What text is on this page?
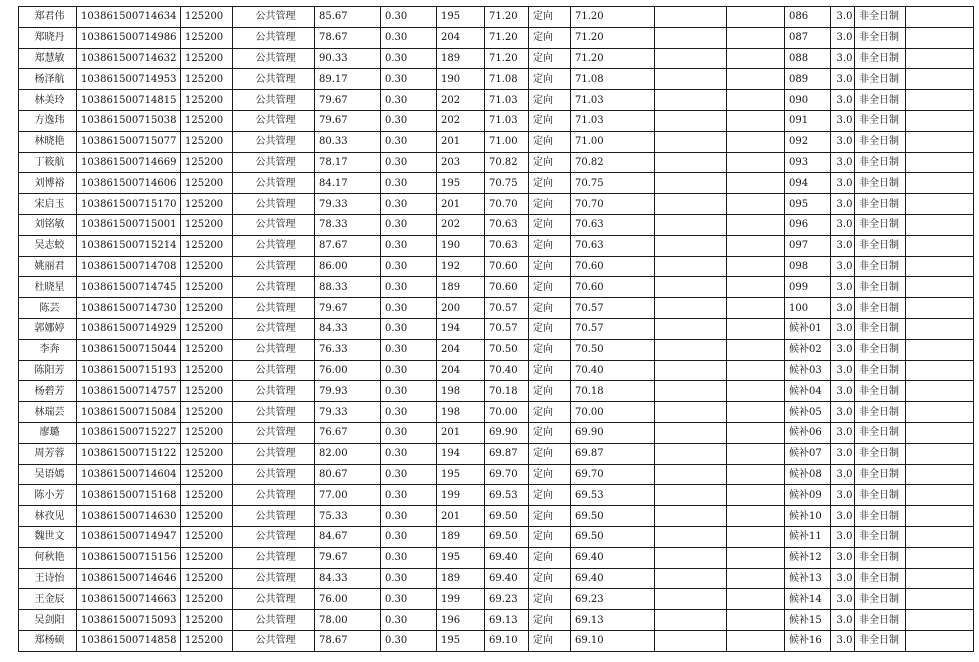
郑君伟	103861500714634	125200	公共管理	85.67	0.30	195	71.20	定向	71.20			086	3.0	非全日制	
郑晓丹	103861500714986	125200	公共管理	78.67	0.30	204	71.20	定向	71.20			087	3.0	非全日制	
郑慧敏	103861500714632	125200	公共管理	90.33	0.30	189	71.20	定向	71.20			088	3.0	非全日制	
杨泽航	103861500714953	125200	公共管理	89.17	0.30	190	71.08	定向	71.08			089	3.0	非全日制	
林美玲	103861500714815	125200	公共管理	79.67	0.30	202	71.03	定向	71.03			090	3.0	非全日制	
方逸玮	103861500715038	125200	公共管理	79.67	0.30	202	71.03	定向	71.03			091	3.0	非全日制	
林晓艳	103861500715077	125200	公共管理	80.33	0.30	201	71.00	定向	71.00			092	3.0	非全日制	
丁筱航	103861500714669	125200	公共管理	78.17	0.30	203	70.82	定向	70.82			093	3.0	非全日制	
刘博裕	103861500714606	125200	公共管理	84.17	0.30	195	70.75	定向	70.75			094	3.0	非全日制	
宋启玉	103861500715170	125200	公共管理	79.33	0.30	201	70.70	定向	70.70			095	3.0	非全日制	
刘铭敏	103861500715001	125200	公共管理	78.33	0.30	202	70.63	定向	70.63			096	3.0	非全日制	
吴志蛟	103861500715214	125200	公共管理	87.67	0.30	190	70.63	定向	70.63			097	3.0	非全日制	
姚丽君	103861500714708	125200	公共管理	86.00	0.30	192	70.60	定向	70.60			098	3.0	非全日制	
杜晓星	103861500714745	125200	公共管理	88.33	0.30	189	70.60	定向	70.60			099	3.0	非全日制	
陈芸	103861500714730	125200	公共管理	79.67	0.30	200	70.57	定向	70.57			100	3.0	非全日制	
郭娜婷	103861500714929	125200	公共管理	84.33	0.30	194	70.57	定向	70.57			候补01	3.0	非全日制	
李奔	103861500715044	125200	公共管理	76.33	0.30	204	70.50	定向	70.50			候补02	3.0	非全日制	
陈阳芳	103861500715193	125200	公共管理	76.00	0.30	204	70.40	定向	70.40			候补03	3.0	非全日制	
杨碧芳	103861500714757	125200	公共管理	79.93	0.30	198	70.18	定向	70.18			候补04	3.0	非全日制	
林瑞芸	103861500715084	125200	公共管理	79.33	0.30	198	70.00	定向	70.00			候补05	3.0	非全日制	
廖璐	103861500715227	125200	公共管理	76.67	0.30	201	69.90	定向	69.90			候补06	3.0	非全日制	
周芳蓉	103861500715122	125200	公共管理	82.00	0.30	194	69.87	定向	69.87			候补07	3.0	非全日制	
吴语嫣	103861500714604	125200	公共管理	80.67	0.30	195	69.70	定向	69.70			候补08	3.0	非全日制	
陈小芳	103861500715168	125200	公共管理	77.00	0.30	199	69.53	定向	69.53			候补09	3.0	非全日制	
林孜见	103861500714630	125200	公共管理	75.33	0.30	201	69.50	定向	69.50			候补10	3.0	非全日制	
魏世文	103861500714947	125200	公共管理	84.67	0.30	189	69.50	定向	69.50			候补11	3.0	非全日制	
何秋艳	103861500715156	125200	公共管理	79.67	0.30	195	69.40	定向	69.40			候补12	3.0	非全日制	
王诗怡	103861500714646	125200	公共管理	84.33	0.30	189	69.40	定向	69.40			候补13	3.0	非全日制	
王金辰	103861500714663	125200	公共管理	76.00	0.30	199	69.23	定向	69.23			候补14	3.0	非全日制	
吴剑阳	103861500715093	125200	公共管理	78.00	0.30	196	69.13	定向	69.13			候补15	3.0	非全日制	
郑杨硕	103861500714858	125200	公共管理	78.67	0.30	195	69.10	定向	69.10			候补16	3.0	非全日制	
